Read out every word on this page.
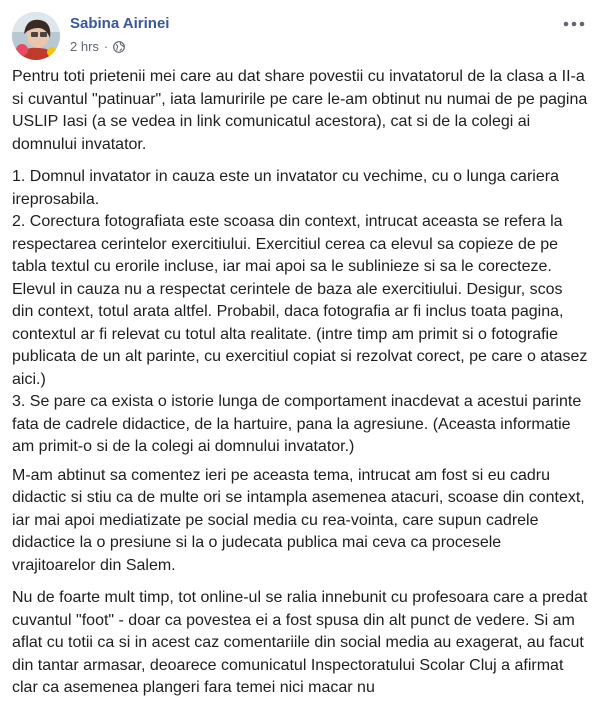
Sabina Airinei
2 hrs ·

Pentru toti prietenii mei care au dat share povestii cu invatatorul de la clasa a II-a si cuvantul "patinuar", iata lamuririle pe care le-am obtinut nu numai de pe pagina USLIP Iasi (a se vedea in link comunicatul acestora), cat si de la colegi ai domnului invatator.

1. Domnul invatator in cauza este un invatator cu vechime, cu o lunga cariera ireprosabila.
2. Corectura fotografiata este scoasa din context, intrucat aceasta se refera la respectarea cerintelor exercitiului. Exercitiul cerea ca elevul sa copieze de pe tabla textul cu erorile incluse, iar mai apoi sa le sublinieze si sa le corecteze. Elevul in cauza nu a respectat cerintele de baza ale exercitiului. Desigur, scos din context, totul arata altfel. Probabil, daca fotografia ar fi inclus toata pagina, contextul ar fi relevat cu totul alta realitate. (intre timp am primit si o fotografie publicata de un alt parinte, cu exercitiul copiat si rezolvat corect, pe care o atasez aici.)
3. Se pare ca exista o istorie lunga de comportament inacdevat a acestui parinte fata de cadrele didactice, de la hartuire, pana la agresiune. (Aceasta informatie am primit-o si de la colegi ai domnului invatator.)

M-am abtinut sa comentez ieri pe aceasta tema, intrucat am fost si eu cadru didactic si stiu ca de multe ori se intampla asemenea atacuri, scoase din context, iar mai apoi mediatizate pe social media cu rea-vointa, care supun cadrele didactice la o presiune si la o judecata publica mai ceva ca procesele vrajitoarelor din Salem.

Nu de foarte mult timp, tot online-ul se ralia innebunit cu profesoara care a predat cuvantul "foot" - doar ca povestea ei a fost spusa din alt punct de vedere. Si am aflat cu totii ca si in acest caz comentariile din social media au exagerat, au facut din tantar armasar, deoarece comunicatul Inspectoratului Scolar Cluj a afirmat clar ca asemenea plangeri fara temei nici macar nu
